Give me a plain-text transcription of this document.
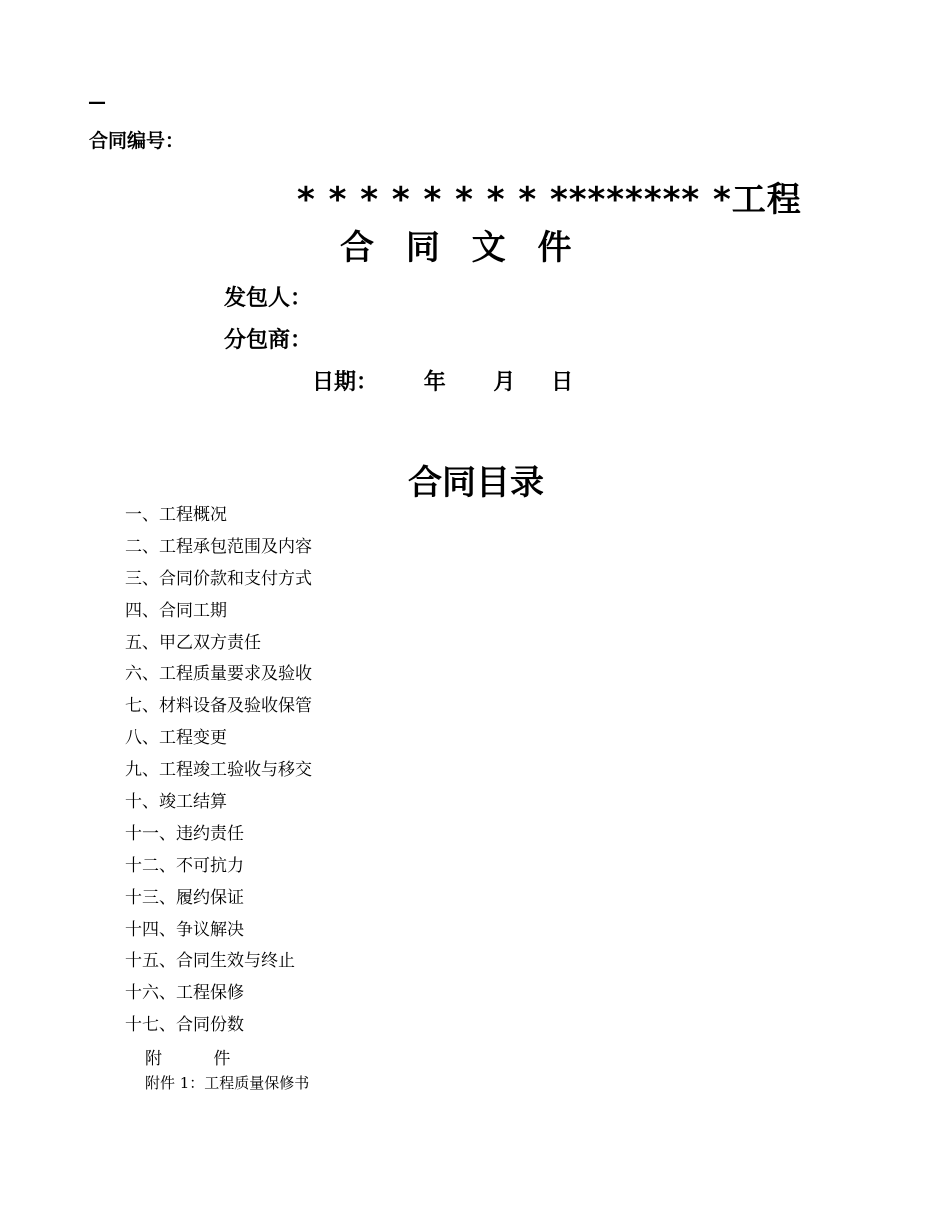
—
合同编号：
* * * * * * * * ******** *工程
合 同 文 件
发包人：
分包商：
日期： 年 月 日
合同目录
一、工程概况
二、工程承包范围及内容
三、合同价款和支付方式
四、合同工期
五、甲乙双方责任
六、工程质量要求及验收
七、材料设备及验收保管
八、工程变更
九、工程竣工验收与移交
十、竣工结算
十一、违约责任
十二、不可抗力
十三、履约保证
十四、争议解决
十五、合同生效与终止
十六、工程保修
十七、合同份数
附	件
附件 1：工程质量保修书
